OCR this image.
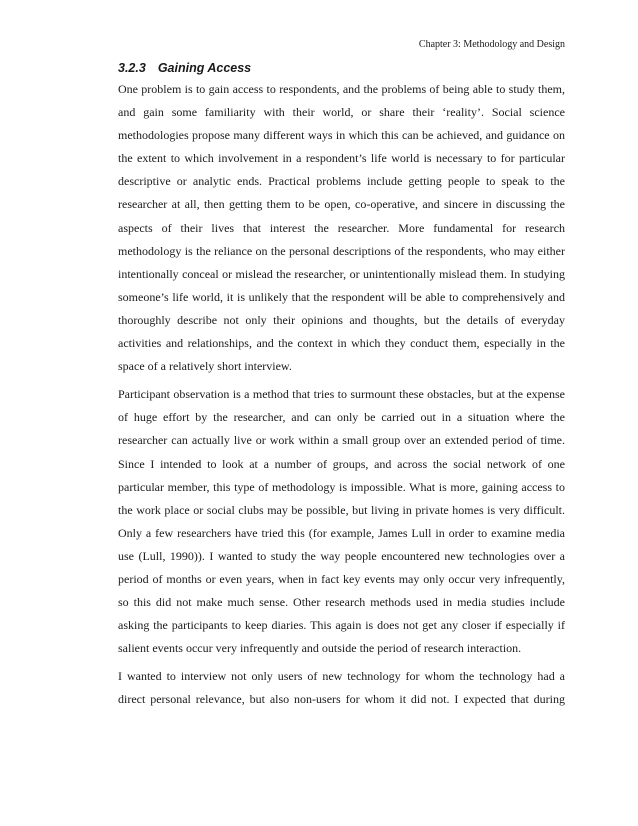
Chapter 3: Methodology and Design
3.2.3 Gaining Access

One problem is to gain access to respondents, and the problems of being able to study them, and gain some familiarity with their world, or share their ‘reality’. Social science methodologies propose many different ways in which this can be achieved, and guidance on the extent to which involvement in a respondent’s life world is necessary to for particular descriptive or analytic ends. Practical problems include getting people to speak to the researcher at all, then getting them to be open, co-operative, and sincere in discussing the aspects of their lives that interest the researcher. More fundamental for research methodology is the reliance on the personal descriptions of the respondents, who may either intentionally conceal or mislead the researcher, or unintentionally mislead them. In studying someone’s life world, it is unlikely that the respondent will be able to comprehensively and thoroughly describe not only their opinions and thoughts, but the details of everyday activities and relationships, and the context in which they conduct them, especially in the space of a relatively short interview.

Participant observation is a method that tries to surmount these obstacles, but at the expense of huge effort by the researcher, and can only be carried out in a situation where the researcher can actually live or work within a small group over an extended period of time. Since I intended to look at a number of groups, and across the social network of one particular member, this type of methodology is impossible. What is more, gaining access to the work place or social clubs may be possible, but living in private homes is very difficult. Only a few researchers have tried this (for example, James Lull in order to examine media use (Lull, 1990)). I wanted to study the way people encountered new technologies over a period of months or even years, when in fact key events may only occur very infrequently, so this did not make much sense. Other research methods used in media studies include asking the participants to keep diaries. This again is does not get any closer if especially if salient events occur very infrequently and outside the period of research interaction.

I wanted to interview not only users of new technology for whom the technology had a direct personal relevance, but also non-users for whom it did not. I expected that during
